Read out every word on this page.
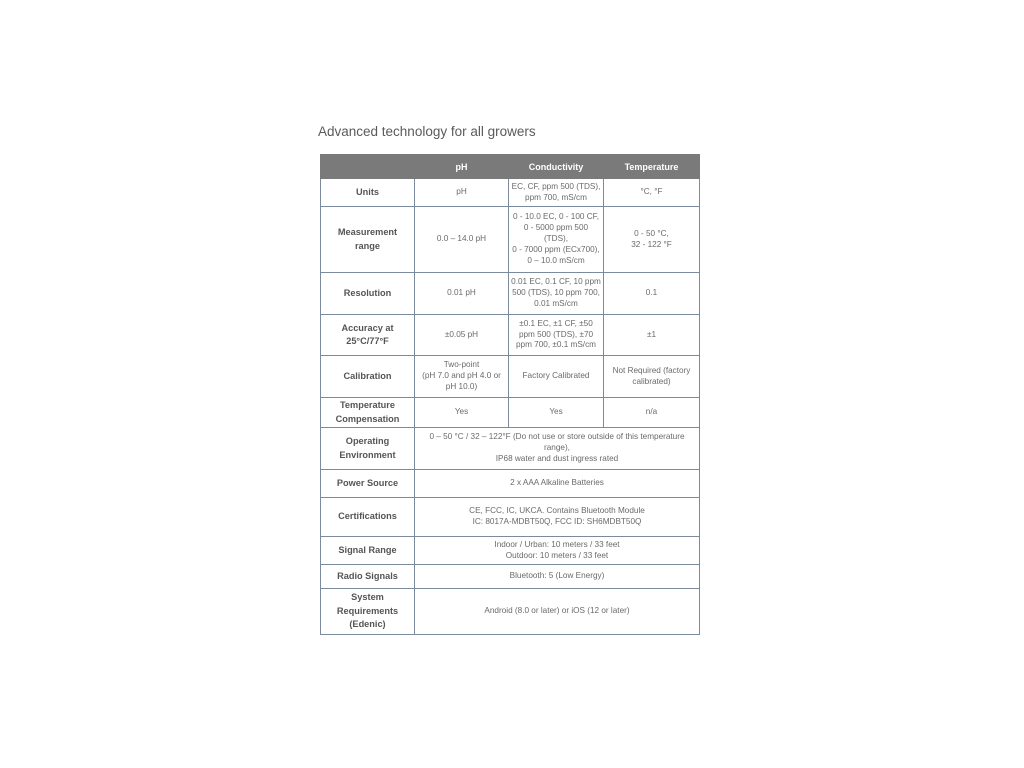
Advanced technology for all growers
	pH	Conductivity	Temperature

Units	pH	EC, CF, ppm 500 (TDS),
ppm 700, mS/cm	°C, °F

Measurement
range	0.0 – 14.0 pH	0 - 10.0 EC, 0 - 100 CF,
0 - 5000 ppm 500
(TDS),
0 - 7000 ppm (ECx700),
0 – 10.0 mS/cm	0 - 50 °C,
32 - 122 °F

Resolution	0.01 pH	0.01 EC, 0.1 CF, 10 ppm
500 (TDS), 10 ppm 700,
0.01 mS/cm	0.1

Accuracy at
25°C/77°F	±0.05 pH	±0.1 EC, ±1 CF, ±50
ppm 500 (TDS), ±70
ppm 700, ±0.1 mS/cm	±1

Calibration	Two-point
(pH 7.0 and pH 4.0 or
pH 10.0)	Factory Calibrated	Not Required (factory
calibrated)

Temperature
Compensation	Yes	Yes	n/a

Operating
Environment	0 – 50 °C / 32 – 122°F (Do not use or store outside of this temperature
range),
IP68 water and dust ingress rated		

Power Source	2 x AAA Alkaline Batteries		

Certifications	CE, FCC, IC, UKCA. Contains Bluetooth Module
IC: 8017A-MDBT50Q, FCC ID: SH6MDBT50Q		

Signal Range	Indoor / Urban: 10 meters / 33 feet
Outdoor: 10 meters / 33 feet		

Radio Signals	Bluetooth: 5 (Low Energy)		

System
Requirements
(Edenic)	Android (8.0 or later) or iOS (12 or later)		
